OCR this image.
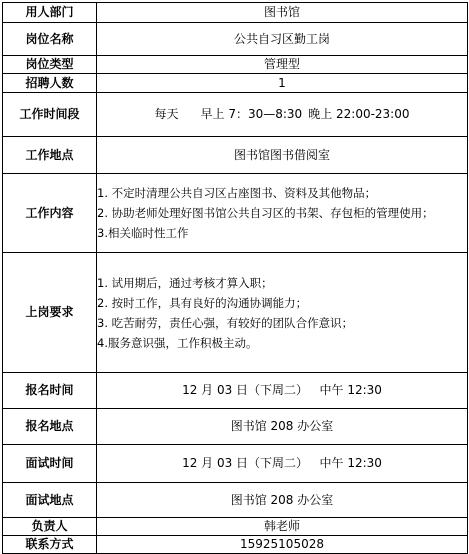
用人部门	图书馆
岗位名称	公共自习区勤工岗
岗位类型	管理型
招聘人数	1
工作时间段	每天 早上 7：30—8:30 晚上 22:00-23:00
工作地点	图书馆图书借阅室
工作内容	1. 不定时清理公共自习区占座图书、资料及其他物品；
2. 协助老师处理好图书馆公共自习区的书架、存包柜的管理使用；
3.相关临时性工作

上岗要求	1. 试用期后，通过考核才算入职；
2. 按时工作，具有良好的沟通协调能力；
3. 吃苦耐劳，责任心强，有较好的团队合作意识；
4.服务意识强，工作积极主动。

报名时间	12 月 03 日（下周二）   中午 12:30
报名地点	图书馆 208 办公室
面试时间	12 月 03 日（下周二）   中午 12:30
面试地点	图书馆 208 办公室
负责人	韩老师
联系方式	15925105028
